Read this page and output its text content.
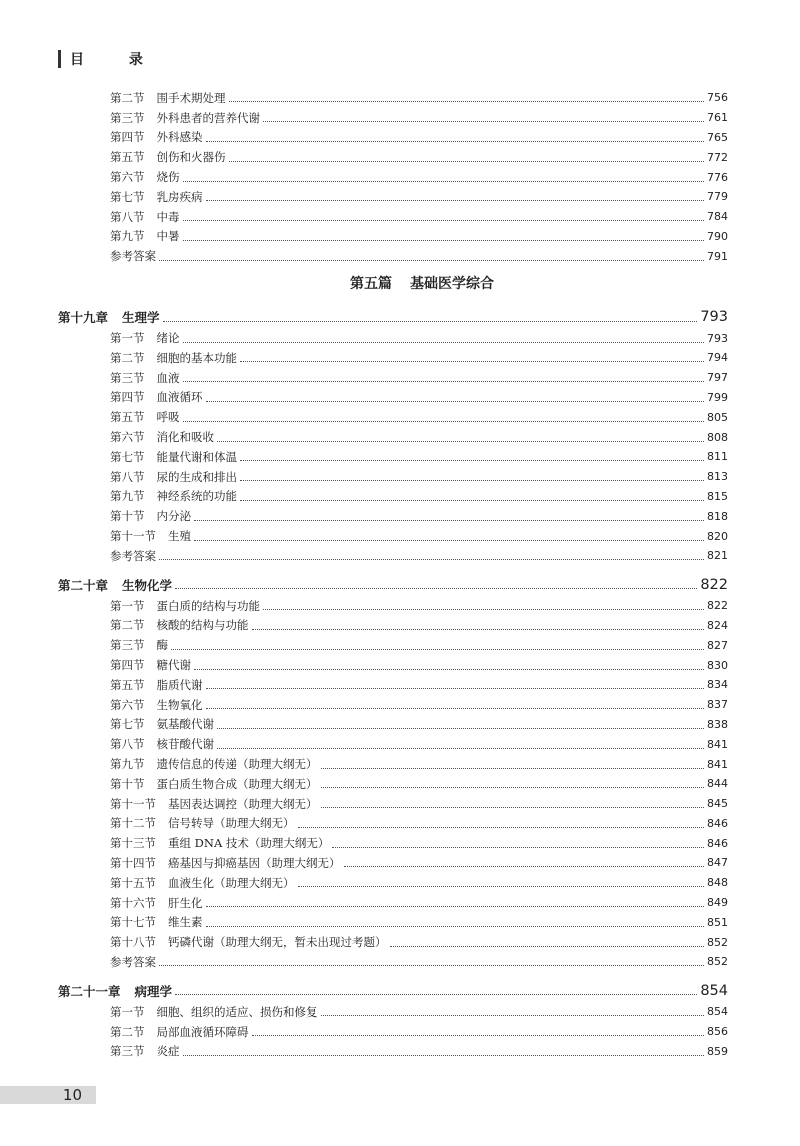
目 录
第二节 围手术期处理	756
第三节 外科患者的营养代谢	761
第四节 外科感染	765
第五节 创伤和火器伤	772
第六节 烧伤	776
第七节 乳房疾病	779
第八节 中毒	784
第九节 中暑	790
参考答案	791
第五篇 基础医学综合
第十九章 生理学	793
第一节 绪论	793
第二节 细胞的基本功能	794
第三节 血液	797
第四节 血液循环	799
第五节 呼吸	805
第六节 消化和吸收	808
第七节 能量代谢和体温	811
第八节 尿的生成和排出	813
第九节 神经系统的功能	815
第十节 内分泌	818
第十一节 生殖	820
参考答案	821
第二十章 生物化学	822
第一节 蛋白质的结构与功能	822
第二节 核酸的结构与功能	824
第三节 酶	827
第四节 糖代谢	830
第五节 脂质代谢	834
第六节 生物氧化	837
第七节 氨基酸代谢	838
第八节 核苷酸代谢	841
第九节 遗传信息的传递（助理大纲无）	841
第十节 蛋白质生物合成（助理大纲无）	844
第十一节 基因表达调控（助理大纲无）	845
第十二节 信号转导（助理大纲无）	846
第十三节 重组 DNA 技术（助理大纲无）	846
第十四节 癌基因与抑癌基因（助理大纲无）	847
第十五节 血液生化（助理大纲无）	848
第十六节 肝生化	849
第十七节 维生素	851
第十八节 钙磷代谢（助理大纲无，暂未出现过考题）	852
参考答案	852
第二十一章 病理学	854
第一节 细胞、组织的适应、损伤和修复	854
第二节 局部血液循环障碍	856
第三节 炎症	859
10
